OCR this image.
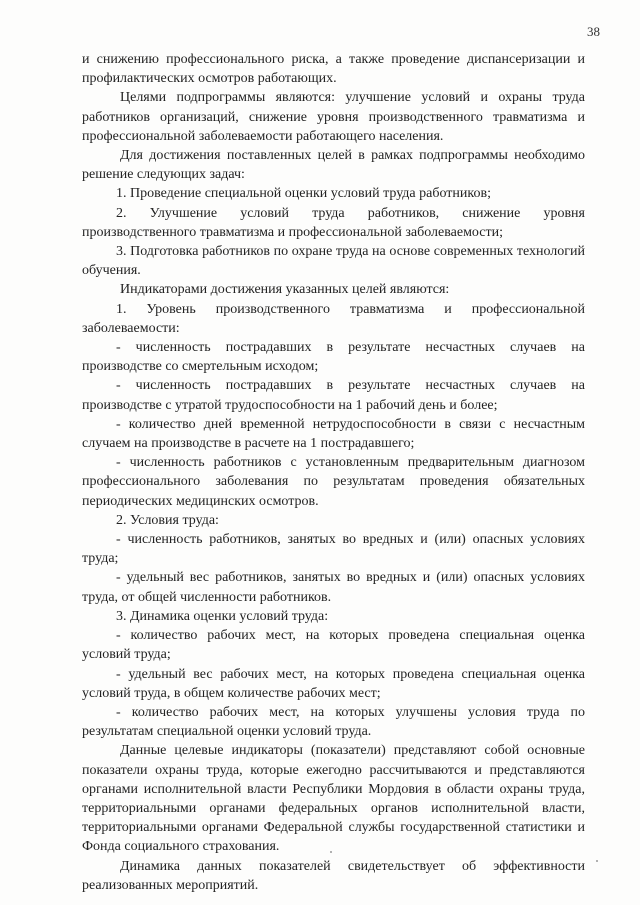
38

и снижению профессионального риска, а также проведение диспансеризации и профилактических осмотров работающих.

Целями подпрограммы являются: улучшение условий и охраны труда работников организаций, снижение уровня производственного травматизма и профессиональной заболеваемости работающего населения.

Для достижения поставленных целей в рамках подпрограммы необходимо решение следующих задач:

1. Проведение специальной оценки условий труда работников;

2. Улучшение условий труда работников, снижение уровня производственного травматизма и профессиональной заболеваемости;

3. Подготовка работников по охране труда на основе современных технологий обучения.

Индикаторами достижения указанных целей являются:

1. Уровень производственного травматизма и профессиональной заболеваемости:

- численность пострадавших в результате несчастных случаев на производстве со смертельным исходом;

- численность пострадавших в результате несчастных случаев на производстве с утратой трудоспособности на 1 рабочий день и более;

- количество дней временной нетрудоспособности в связи с несчастным случаем на производстве в расчете на 1 пострадавшего;

- численность работников с установленным предварительным диагнозом профессионального заболевания по результатам проведения обязательных периодических медицинских осмотров.

2. Условия труда:

- численность работников, занятых во вредных и (или) опасных условиях труда;

- удельный вес работников, занятых во вредных и (или) опасных условиях труда, от общей численности работников.

3. Динамика оценки условий труда:

- количество рабочих мест, на которых проведена специальная оценка условий труда;

- удельный вес рабочих мест, на которых проведена специальная оценка условий труда, в общем количестве рабочих мест;

- количество рабочих мест, на которых улучшены условия труда по результатам специальной оценки условий труда.

Данные целевые индикаторы (показатели) представляют собой основные показатели охраны труда, которые ежегодно рассчитываются и представляются органами исполнительной власти Республики Мордовия в области охраны труда, территориальными органами федеральных органов исполнительной власти, территориальными органами Федеральной службы государственной статистики и Фонда социального страхования.

Динамика данных показателей свидетельствует об эффективности реализованных мероприятий.
